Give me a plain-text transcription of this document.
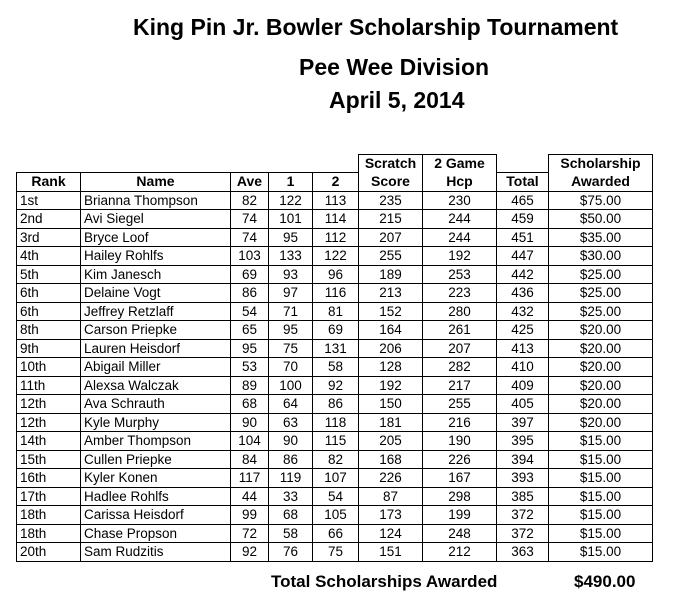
King Pin Jr. Bowler Scholarship Tournament
Pee Wee Division
April 5, 2014
					Scratch	2 Game		Scholarship
Rank	Name	Ave	1	2	Score	Hcp	Total	Awarded
1st	Brianna Thompson	82	122	113	235	230	465	$75.00
2nd	Avi Siegel	74	101	114	215	244	459	$50.00
3rd	Bryce Loof	74	95	112	207	244	451	$35.00
4th	Hailey Rohlfs	103	133	122	255	192	447	$30.00
5th	Kim Janesch	69	93	96	189	253	442	$25.00
6th	Delaine Vogt	86	97	116	213	223	436	$25.00
6th	Jeffrey Retzlaff	54	71	81	152	280	432	$25.00
8th	Carson Priepke	65	95	69	164	261	425	$20.00
9th	Lauren Heisdorf	95	75	131	206	207	413	$20.00
10th	Abigail Miller	53	70	58	128	282	410	$20.00
11th	Alexsa Walczak	89	100	92	192	217	409	$20.00
12th	Ava Schrauth	68	64	86	150	255	405	$20.00
12th	Kyle Murphy	90	63	118	181	216	397	$20.00
14th	Amber Thompson	104	90	115	205	190	395	$15.00
15th	Cullen Priepke	84	86	82	168	226	394	$15.00
16th	Kyler Konen	117	119	107	226	167	393	$15.00
17th	Hadlee Rohlfs	44	33	54	87	298	385	$15.00
18th	Carissa Heisdorf	99	68	105	173	199	372	$15.00
18th	Chase Propson	72	58	66	124	248	372	$15.00
20th	Sam Rudzitis	92	76	75	151	212	363	$15.00
Total Scholarships Awarded	$490.00
